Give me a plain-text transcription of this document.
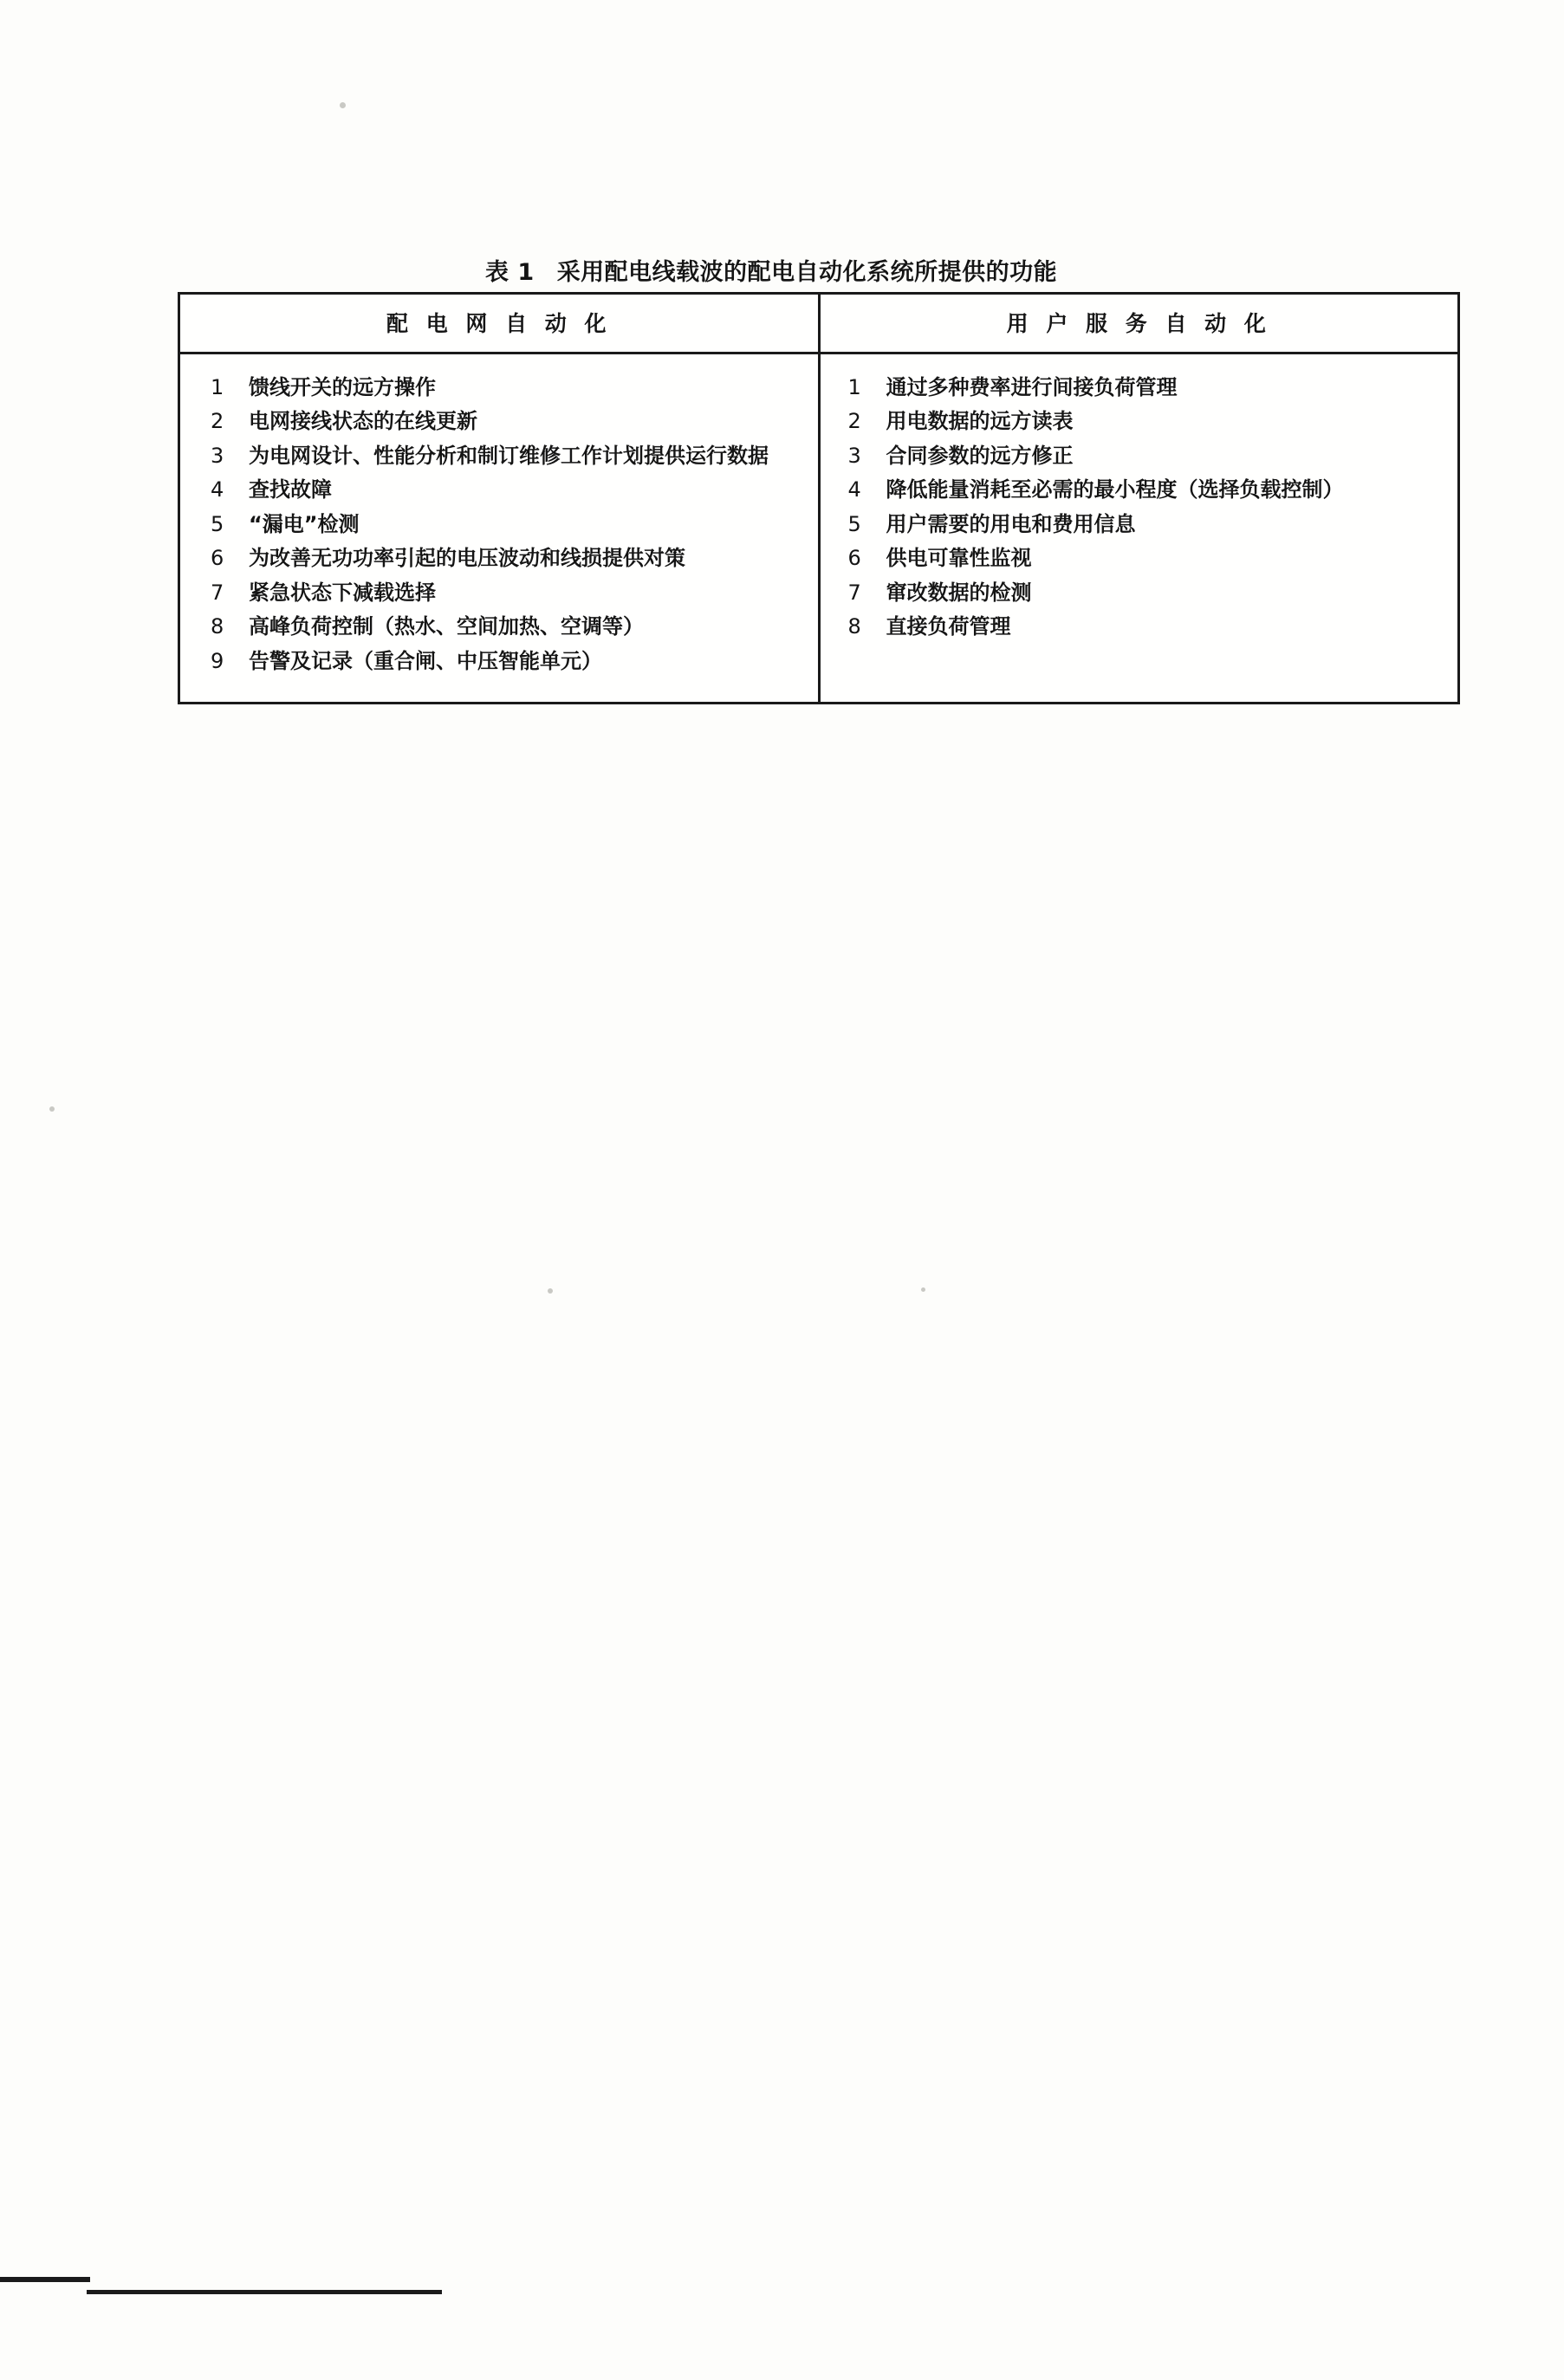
表 1 采用配电线载波的配电自动化系统所提供的功能
配 电 网 自 动 化	用 户 服 务 自 动 化

1	馈线开关的远方操作
2	电网接线状态的在线更新
3	为电网设计、性能分析和制订维修工作计划提供运行数据
4	查找故障
5	“漏电”检测
6	为改善无功功率引起的电压波动和线损提供对策
7	紧急状态下减载选择
8	高峰负荷控制（热水、空间加热、空调等）
9	告警及记录（重合闸、中压智能单元）

1	通过多种费率进行间接负荷管理
2	用电数据的远方读表
3	合同参数的远方修正
4	降低能量消耗至必需的最小程度（选择负载控制）
5	用户需要的用电和费用信息
6	供电可靠性监视
7	窜改数据的检测
8	直接负荷管理
